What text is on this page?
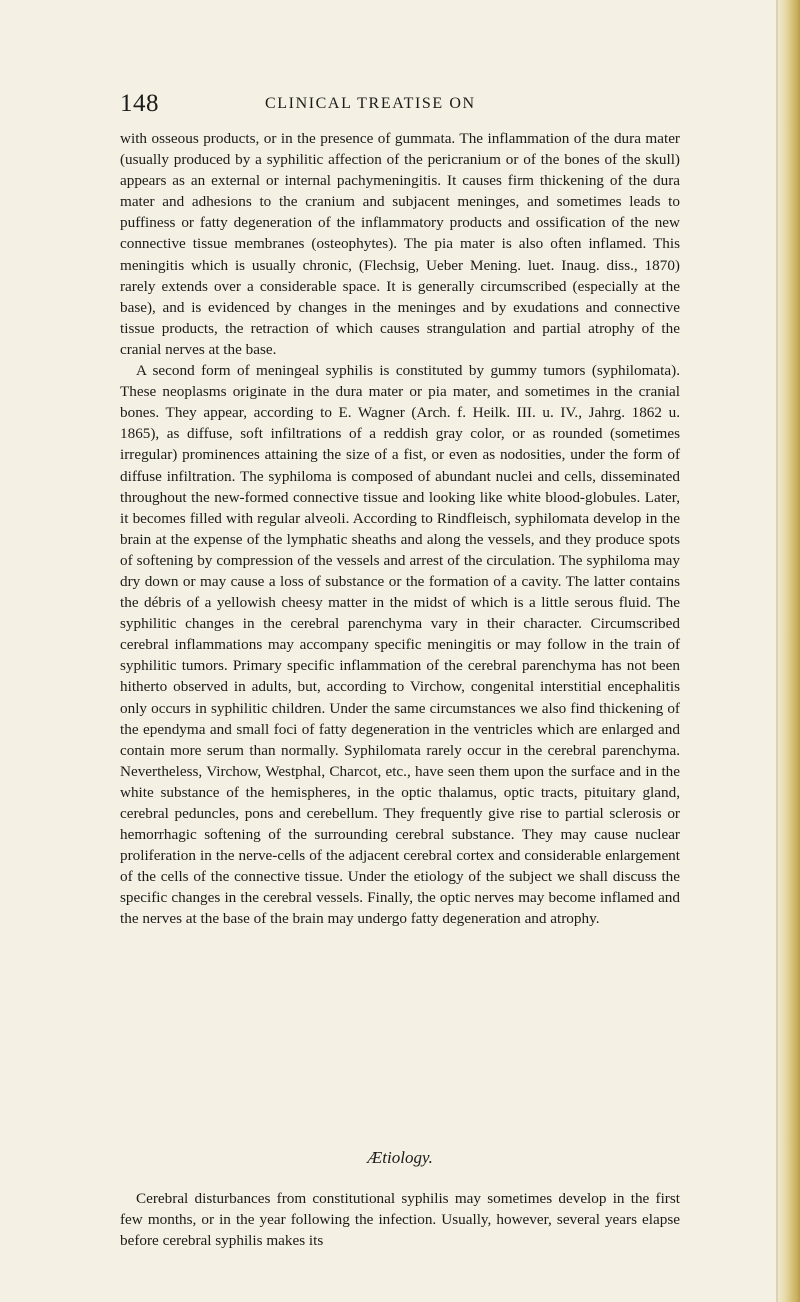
148	CLINICAL TREATISE ON

with osseous products, or in the presence of gummata. The inflammation of the dura mater (usually produced by a syphilitic affection of the pericranium or of the bones of the skull) appears as an external or internal pachymeningitis. It causes firm thickening of the dura mater and adhesions to the cranium and subjacent meninges, and sometimes leads to puffiness or fatty degeneration of the inflammatory products and ossification of the new connective tissue membranes (osteophytes). The pia mater is also often inflamed. This meningitis which is usually chronic, (Flechsig, Ueber Mening. luet. Inaug. diss., 1870) rarely extends over a considerable space. It is generally circumscribed (especially at the base), and is evidenced by changes in the meninges and by exudations and connective tissue products, the retraction of which causes strangulation and partial atrophy of the cranial nerves at the base.

A second form of meningeal syphilis is constituted by gummy tumors (syphilomata). These neoplasms originate in the dura mater or pia mater, and sometimes in the cranial bones. They appear, according to E. Wagner (Arch. f. Heilk. III. u. IV., Jahrg. 1862 u. 1865), as diffuse, soft infiltrations of a reddish gray color, or as rounded (sometimes irregular) prominences attaining the size of a fist, or even as nodosities, under the form of diffuse infiltration. The syphiloma is composed of abundant nuclei and cells, disseminated throughout the new-formed connective tissue and looking like white blood-globules. Later, it becomes filled with regular alveoli. According to Rindfleisch, syphilomata develop in the brain at the expense of the lymphatic sheaths and along the vessels, and they produce spots of softening by compression of the vessels and arrest of the circulation. The syphiloma may dry down or may cause a loss of substance or the formation of a cavity. The latter contains the débris of a yellowish cheesy matter in the midst of which is a little serous fluid. The syphilitic changes in the cerebral parenchyma vary in their character. Circumscribed cerebral inflammations may accompany specific meningitis or may follow in the train of syphilitic tumors. Primary specific inflammation of the cerebral parenchyma has not been hitherto observed in adults, but, according to Virchow, congenital interstitial encephalitis only occurs in syphilitic children. Under the same circumstances we also find thickening of the ependyma and small foci of fatty degeneration in the ventricles which are enlarged and contain more serum than normally. Syphilomata rarely occur in the cerebral parenchyma. Nevertheless, Virchow, Westphal, Charcot, etc., have seen them upon the surface and in the white substance of the hemispheres, in the optic thalamus, optic tracts, pituitary gland, cerebral peduncles, pons and cerebellum. They frequently give rise to partial sclerosis or hemorrhagic softening of the surrounding cerebral substance. They may cause nuclear proliferation in the nerve-cells of the adjacent cerebral cortex and considerable enlargement of the cells of the connective tissue. Under the etiology of the subject we shall discuss the specific changes in the cerebral vessels. Finally, the optic nerves may become inflamed and the nerves at the base of the brain may undergo fatty degeneration and atrophy.

Ætiology.

Cerebral disturbances from constitutional syphilis may sometimes develop in the first few months, or in the year following the infection. Usually, however, several years elapse before cerebral syphilis makes its
